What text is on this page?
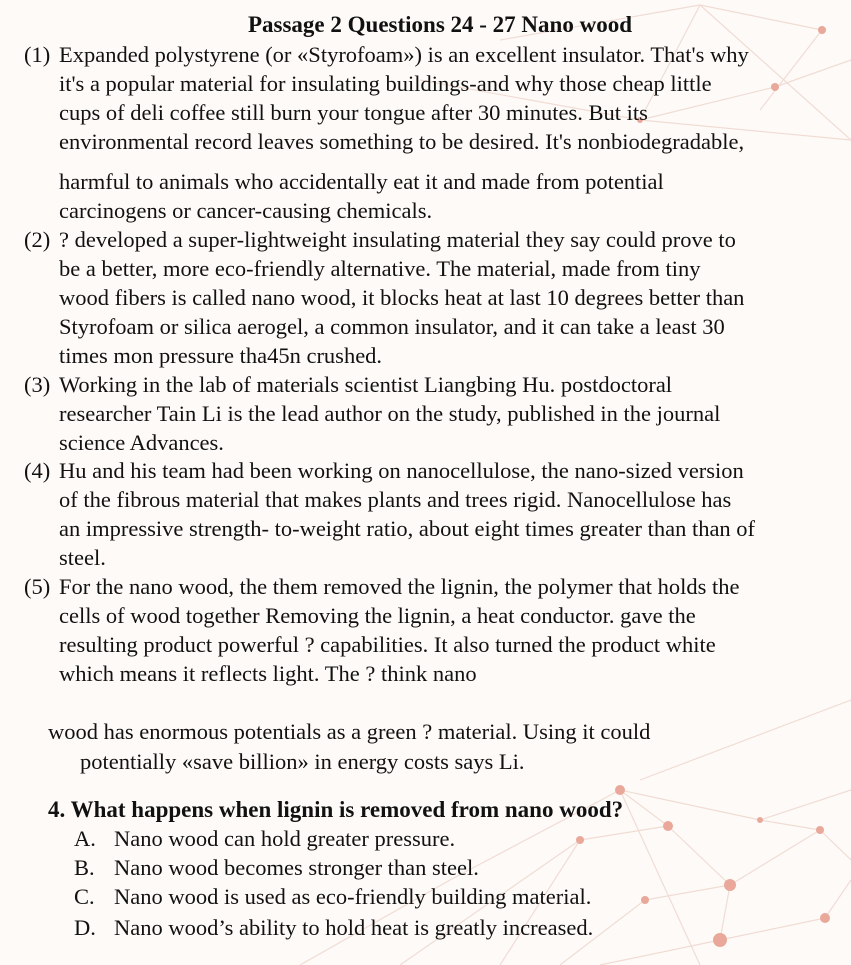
Passage 2 Questions 24 - 27 Nano wood
(1) Expanded polystyrene (or «Styrofoam») is an excellent insulator. That's why
it's a popular material for insulating buildings-and why those cheap little
cups of deli coffee still burn your tongue after 30 minutes. But its
environmental record leaves something to be desired. It's nonbiodegradable,
harmful to animals who accidentally eat it and made from potential
carcinogens or cancer-causing chemicals.
(2) ? developed a super-lightweight insulating material they say could prove to
be a better, more eco-friendly alternative. The material, made from tiny
wood fibers is called nano wood, it blocks heat at last 10 degrees better than
Styrofoam or silica aerogel, a common insulator, and it can take a least 30
times mon pressure tha45n crushed.
(3) Working in the lab of materials scientist Liangbing Hu. postdoctoral
researcher Tain Li is the lead author on the study, published in the journal
science Advances.
(4) Hu and his team had been working on nanocellulose, the nano-sized version
of the fibrous material that makes plants and trees rigid. Nanocellulose has
an impressive strength- to-weight ratio, about eight times greater than than of
steel.
(5) For the nano wood, the them removed the lignin, the polymer that holds the
cells of wood together Removing the lignin, a heat conductor. gave the
resulting product powerful ? capabilities. It also turned the product white
which means it reflects light. The ? think nano
wood has enormous potentials as a green ? material. Using it could
potentially «save billion» in energy costs says Li.
4. What happens when lignin is removed from nano wood?
A. Nano wood can hold greater pressure.
B. Nano wood becomes stronger than steel.
C. Nano wood is used as eco-friendly building material.
D. Nano wood’s ability to hold heat is greatly increased.
